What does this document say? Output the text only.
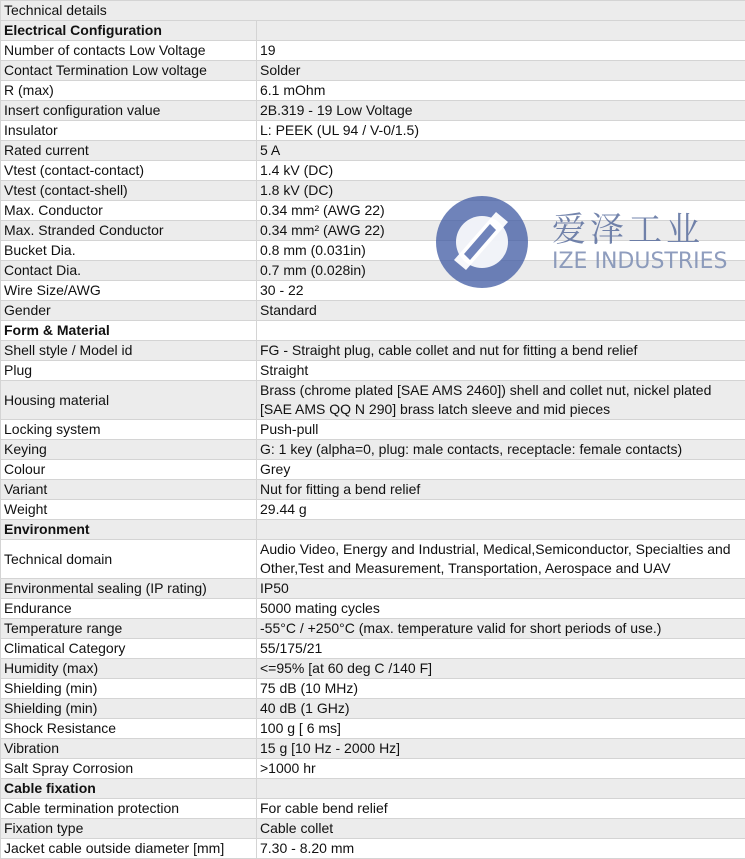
Technical details	
Electrical Configuration	
Number of contacts Low Voltage	19
Contact Termination Low voltage	Solder
R (max)	6.1 mOhm
Insert configuration value	2B.319 - 19 Low Voltage
Insulator	L: PEEK (UL 94 / V-0/1.5)
Rated current	5 A
Vtest (contact-contact)	1.4 kV (DC)
Vtest (contact-shell)	1.8 kV (DC)
Max. Conductor	0.34 mm² (AWG 22)
Max. Stranded Conductor	0.34 mm² (AWG 22)
Bucket Dia.	0.8 mm (0.031in)
Contact Dia.	0.7 mm (0.028in)
Wire Size/AWG	30 - 22
Gender	Standard
Form & Material	
Shell style / Model id	FG - Straight plug, cable collet and nut for fitting a bend relief
Plug	Straight
Housing material	Brass (chrome plated [SAE AMS 2460]) shell and collet nut, nickel plated [SAE AMS QQ N 290] brass latch sleeve and mid pieces
Locking system	Push-pull
Keying	G: 1 key (alpha=0, plug: male contacts, receptacle: female contacts)
Colour	Grey
Variant	Nut for fitting a bend relief
Weight	29.44 g
Environment	
Technical domain	Audio Video, Energy and Industrial, Medical,Semiconductor, Specialties and Other,Test and Measurement, Transportation, Aerospace and UAV
Environmental sealing (IP rating)	IP50
Endurance	5000 mating cycles
Temperature range	-55°C / +250°C (max. temperature valid for short periods of use.)
Climatical Category	55/175/21
Humidity (max)	<=95% [at 60 deg C /140 F]
Shielding (min)	75 dB (10 MHz)
Shielding (min)	40 dB (1 GHz)
Shock Resistance	100 g [ 6 ms]
Vibration	15 g [10 Hz - 2000 Hz]
Salt Spray Corrosion	>1000 hr
Cable fixation	
Cable termination protection	For cable bend relief
Fixation type	Cable collet
Jacket cable outside diameter [mm]	7.30 - 8.20 mm
爱泽工业
IZE INDUSTRIES
